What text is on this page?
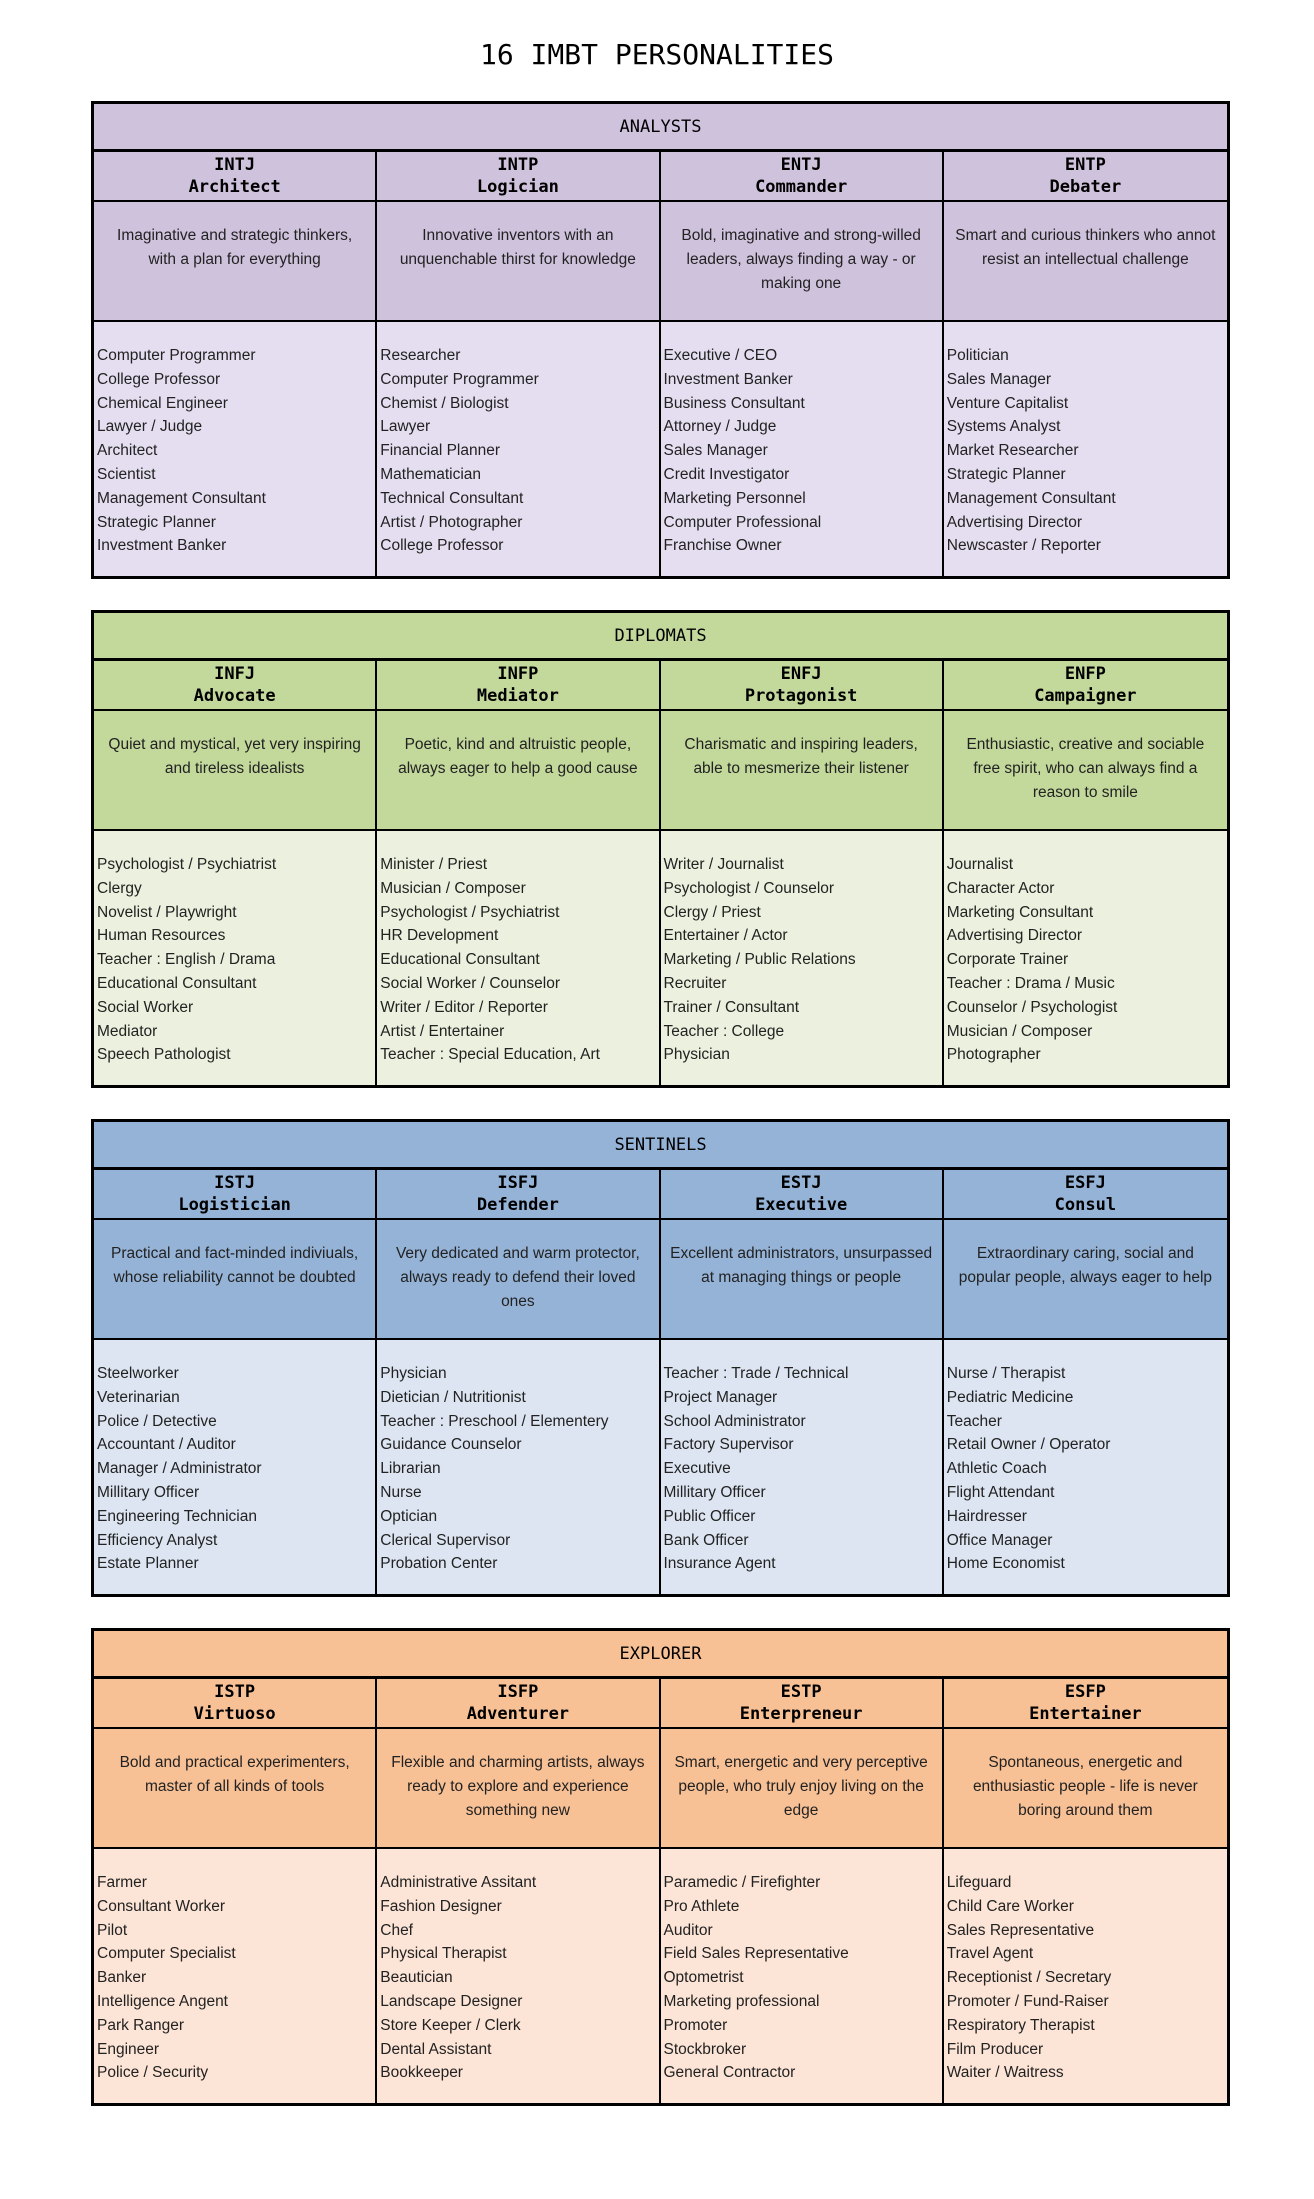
16 IMBT PERSONALITIES
ANALYSTS
INTJ
Architect
Imaginative and strategic thinkers, with a plan for everything
Computer Programmer
College Professor
Chemical Engineer
Lawyer / Judge
Architect
Scientist
Management Consultant
Strategic Planner
Investment Banker
INTP
Logician
Innovative inventors with an unquenchable thirst for knowledge
Researcher
Computer Programmer
Chemist / Biologist
Lawyer
Financial Planner
Mathematician
Technical Consultant
Artist / Photographer
College Professor
ENTJ
Commander
Bold, imaginative and strong-willed leaders, always finding a way - or making one
Executive / CEO
Investment Banker
Business Consultant
Attorney / Judge
Sales Manager
Credit Investigator
Marketing Personnel
Computer Professional
Franchise Owner
ENTP
Debater
Smart and curious thinkers who annot resist an intellectual challenge
Politician
Sales Manager
Venture Capitalist
Systems Analyst
Market Researcher
Strategic Planner
Management Consultant
Advertising Director
Newscaster / Reporter
DIPLOMATS
INFJ
Advocate
Quiet and mystical, yet very inspiring and tireless idealists
Psychologist / Psychiatrist
Clergy
Novelist / Playwright
Human Resources
Teacher : English / Drama
Educational Consultant
Social Worker
Mediator
Speech Pathologist
INFP
Mediator
Poetic, kind and altruistic people, always eager to help a good cause
Minister / Priest
Musician / Composer
Psychologist / Psychiatrist
HR Development
Educational Consultant
Social Worker / Counselor
Writer / Editor / Reporter
Artist / Entertainer
Teacher : Special Education, Art
ENFJ
Protagonist
Charismatic and inspiring leaders, able to mesmerize their listener
Writer / Journalist
Psychologist / Counselor
Clergy / Priest
Entertainer / Actor
Marketing / Public Relations
Recruiter
Trainer / Consultant
Teacher : College
Physician
ENFP
Campaigner
Enthusiastic, creative and sociable free spirit, who can always find a reason to smile
Journalist
Character Actor
Marketing Consultant
Advertising Director
Corporate Trainer
Teacher : Drama / Music
Counselor / Psychologist
Musician / Composer
Photographer
SENTINELS
ISTJ
Logistician
Practical and fact-minded indiviuals, whose reliability cannot be doubted
Steelworker
Veterinarian
Police / Detective
Accountant / Auditor
Manager / Administrator
Millitary Officer
Engineering Technician
Efficiency Analyst
Estate Planner
ISFJ
Defender
Very dedicated and warm protector, always ready to defend their loved ones
Physician
Dietician / Nutritionist
Teacher : Preschool / Elementery
Guidance Counselor
Librarian
Nurse
Optician
Clerical Supervisor
Probation Center
ESTJ
Executive
Excellent administrators, unsurpassed at managing things or people
Teacher : Trade / Technical
Project Manager
School Administrator
Factory Supervisor
Executive
Millitary Officer
Public Officer
Bank Officer
Insurance Agent
ESFJ
Consul
Extraordinary caring, social and popular people, always eager to help
Nurse / Therapist
Pediatric Medicine
Teacher
Retail Owner / Operator
Athletic Coach
Flight Attendant
Hairdresser
Office Manager
Home Economist
EXPLORER
ISTP
Virtuoso
Bold and practical experimenters, master of all kinds of tools
Farmer
Consultant Worker
Pilot
Computer Specialist
Banker
Intelligence Angent
Park Ranger
Engineer
Police / Security
ISFP
Adventurer
Flexible and charming artists, always ready to explore and experience something new
Administrative Assitant
Fashion Designer
Chef
Physical Therapist
Beautician
Landscape Designer
Store Keeper / Clerk
Dental Assistant
Bookkeeper
ESTP
Enterpreneur
Smart, energetic and very perceptive people, who truly enjoy living on the edge
Paramedic / Firefighter
Pro Athlete
Auditor
Field Sales Representative
Optometrist
Marketing professional
Promoter
Stockbroker
General Contractor
ESFP
Entertainer
Spontaneous, energetic and enthusiastic people - life is never boring around them
Lifeguard
Child Care Worker
Sales Representative
Travel Agent
Receptionist / Secretary
Promoter / Fund-Raiser
Respiratory Therapist
Film Producer
Waiter / Waitress
